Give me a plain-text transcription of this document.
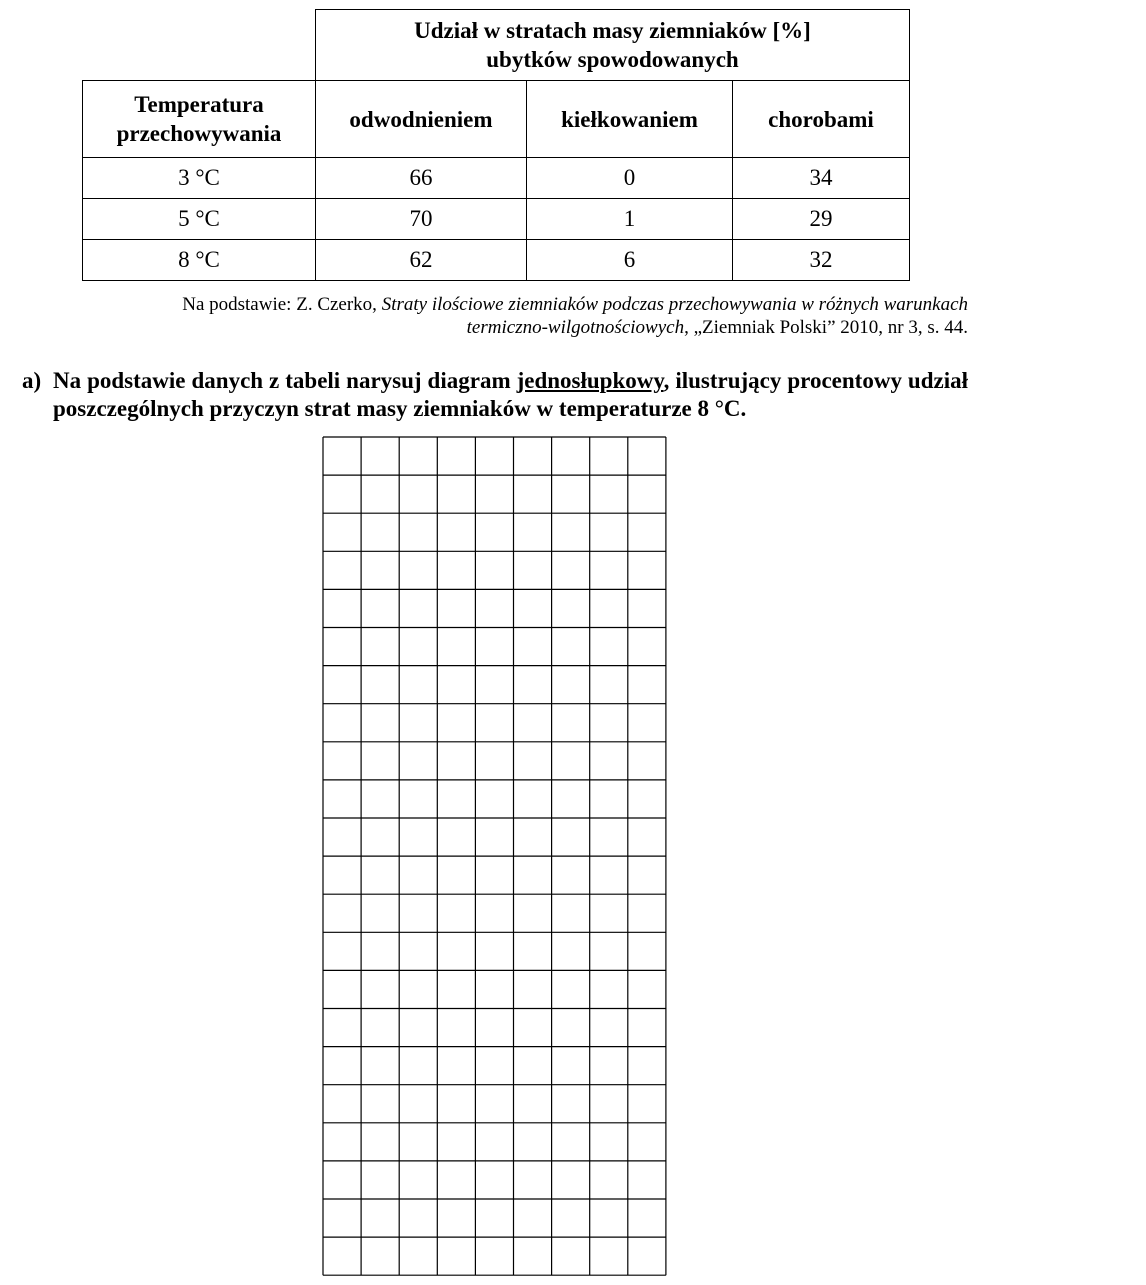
	Udział w stratach masy ziemniaków [%]
ubytków spowodowanych		
Temperatura
przechowywania	odwodnieniem	kiełkowaniem	chorobami
3 °C	66	0	34
5 °C	70	1	29
8 °C	62	6	32
Na podstawie: Z. Czerko, Straty ilościowe ziemniaków podczas przechowywania w różnych warunkach
termiczno-wilgotnościowych, „Ziemniak Polski” 2010, nr 3, s. 44.
a) Na podstawie danych z tabeli narysuj diagram jednosłupkowy, ilustrujący procentowy udział poszczególnych przyczyn strat masy ziemniaków w temperaturze 8 °C.
